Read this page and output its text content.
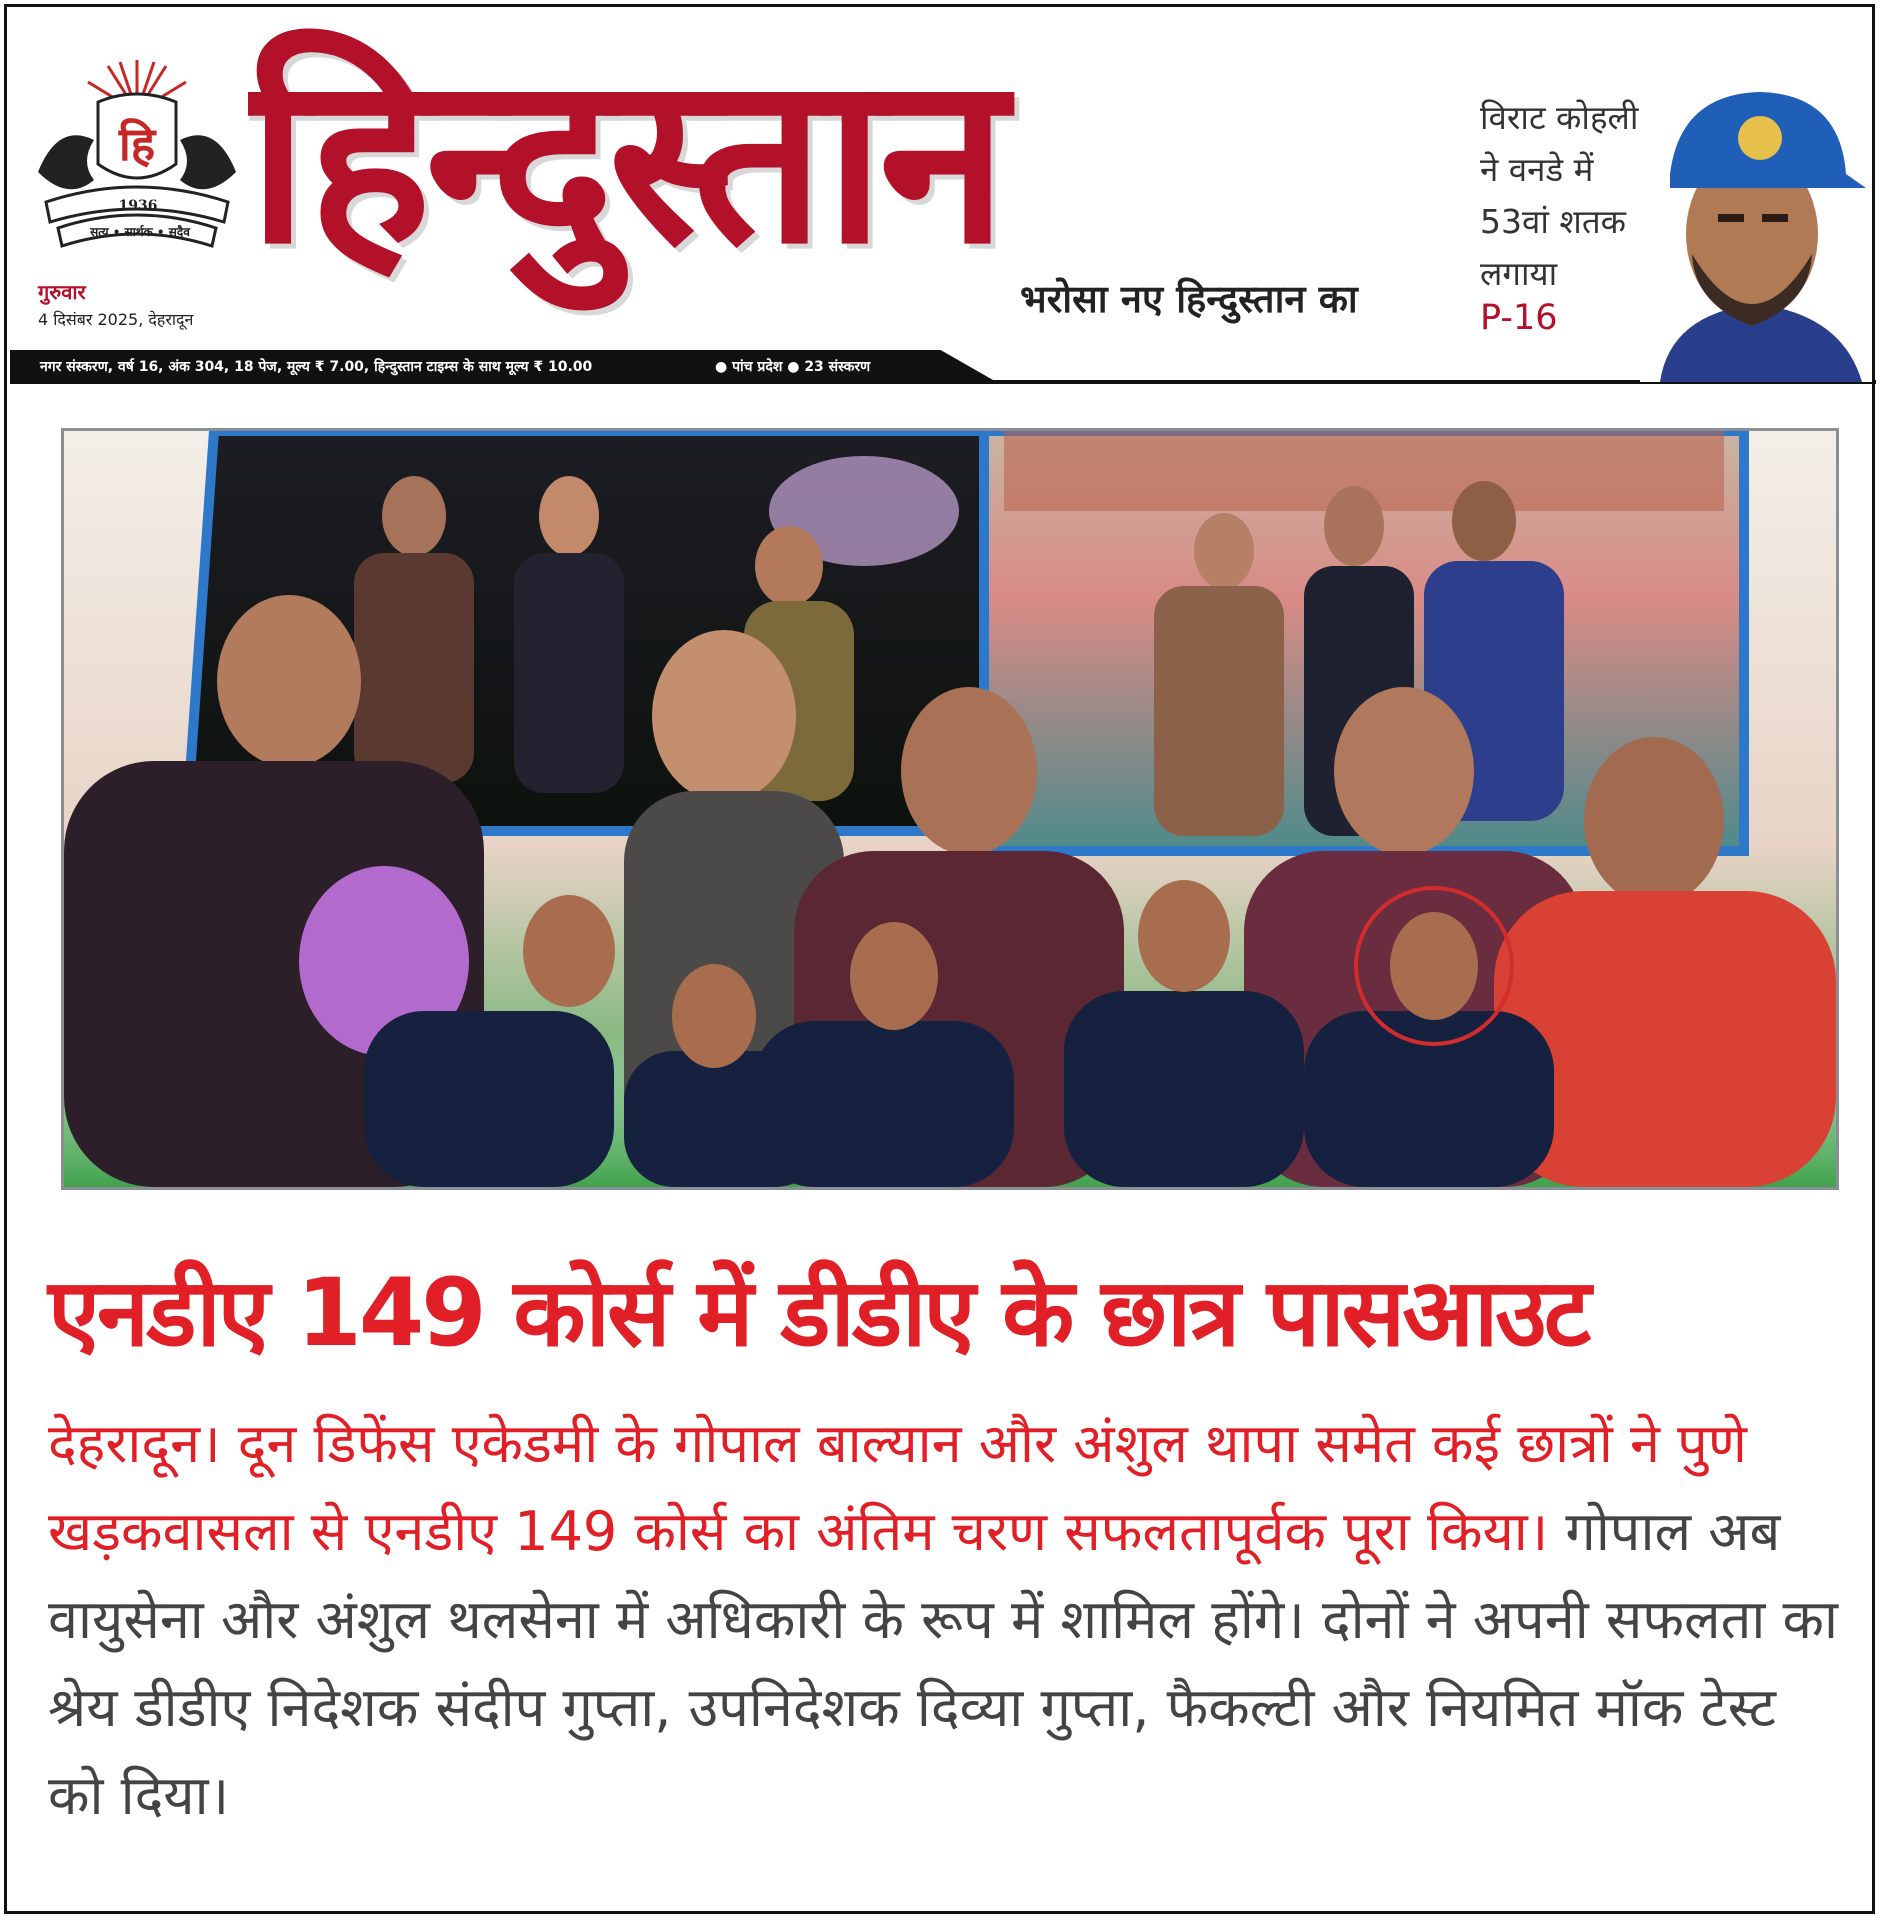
हि
1936
सत्य • सार्थक • सदैव हिन्दुस्तान
भरोसा नए हिन्दुस्तान का
गुरुवार
4 दिसंबर 2025, देहरादून
नगर संस्करण, वर्ष 16, अंक 304, 18 पेज, मूल्य ₹ 7.00, हिन्दुस्तान टाइम्स के साथ मूल्य ₹ 10.00	● पांच प्रदेश ● 23 संस्करण
विराट कोहली ने वनडे में 53वां शतक लगाया
P-16
एनडीए 149 कोर्स में डीडीए के छात्र पासआउट
देहरादून। दून डिफेंस एकेडमी के गोपाल बाल्यान और अंशुल थापा समेत कई छात्रों ने पुणे खड़कवासला से एनडीए 149 कोर्स का अंतिम चरण सफलतापूर्वक पूरा किया। गोपाल अब वायुसेना और अंशुल थलसेना में अधिकारी के रूप में शामिल होंगे। दोनों ने अपनी सफलता का श्रेय डीडीए निदेशक संदीप गुप्ता, उपनिदेशक दिव्या गुप्ता, फैकल्टी और नियमित मॉक टेस्ट को दिया।
